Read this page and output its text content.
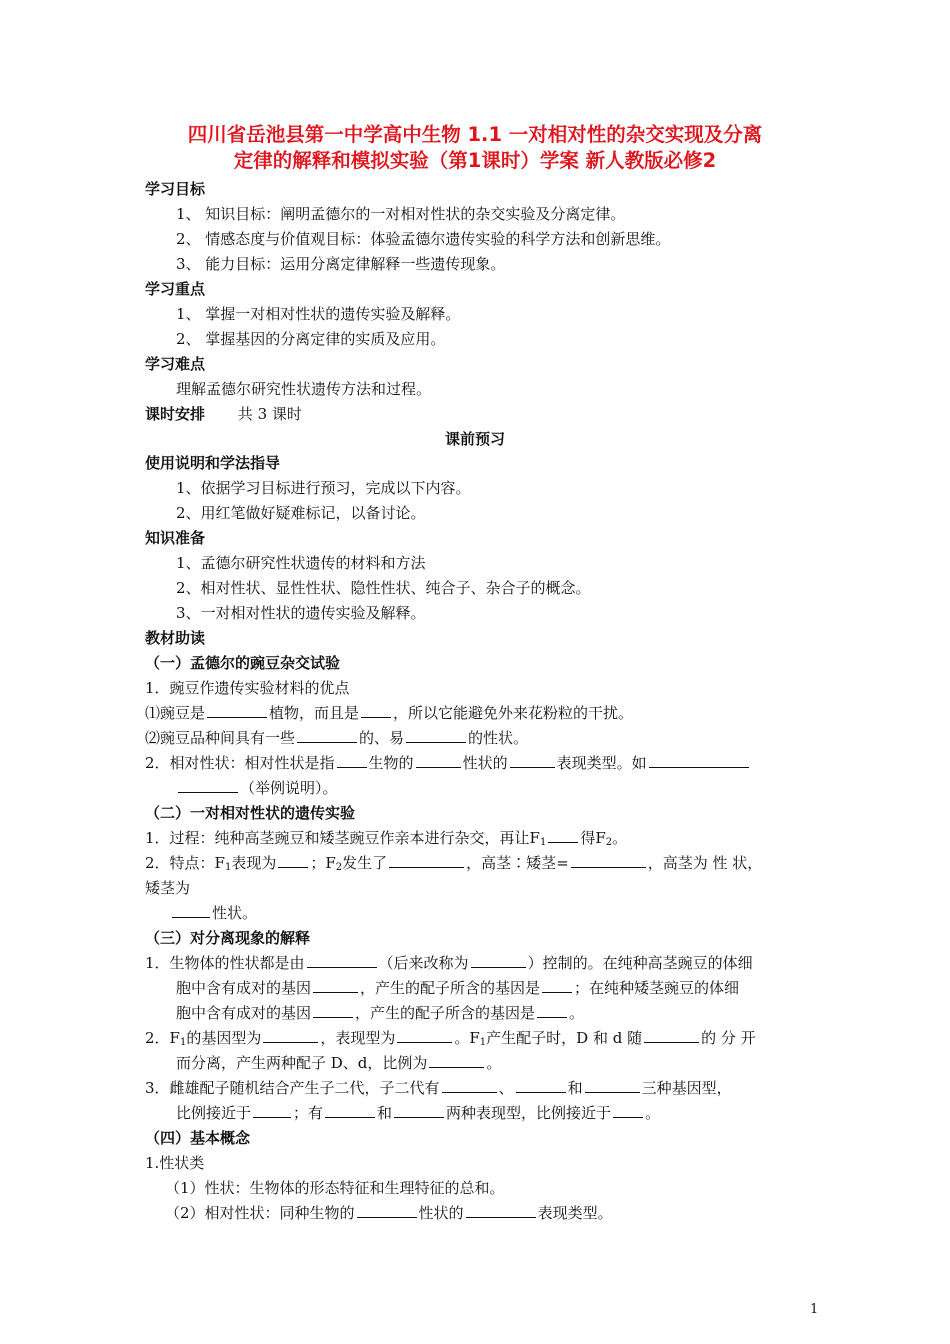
四川省岳池县第一中学高中生物 1.1 一对相对性的杂交实现及分离
定律的解释和模拟实验（第1课时）学案 新人教版必修2
学习目标
1、 知识目标：阐明孟德尔的一对相对性状的杂交实验及分离定律。
2、 情感态度与价值观目标：体验孟德尔遗传实验的科学方法和创新思维。
3、 能力目标：运用分离定律解释一些遗传现象。
学习重点
1、 掌握一对相对性状的遗传实验及解释。
2、 掌握基因的分离定律的实质及应用。
学习难点
理解孟德尔研究性状遗传方法和过程。
课时安排 共 3 课时
课前预习
使用说明和学法指导
1、依据学习目标进行预习，完成以下内容。
2、用红笔做好疑难标记，以备讨论。
知识准备
1、孟德尔研究性状遗传的材料和方法
2、相对性状、显性性状、隐性性状、纯合子、杂合子的概念。
3、一对相对性状的遗传实验及解释。
教材助读
（一）孟德尔的豌豆杂交试验
1．豌豆作遗传实验材料的优点
⑴豌豆是	植物，而且是 ，所以它能避免外来花粉粒的干扰。
⑵豌豆品种间具有一些	的、易	的性状。
2．相对性状：相对性状是指 生物的	性状的	表现类型。如
（举例说明）。
（二）一对相对性状的遗传实验
1．过程：纯种高茎豌豆和矮茎豌豆作亲本进行杂交，再让$F_1$ 得$F_2$。
2．特点：$F_1$表现为 ；$F_2$发生了	，高茎∶矮茎=	，高茎为 性 状，
矮茎为
性状。
（三）对分离现象的解释
1．生物体的性状都是由	（后来改称为	）控制的。在纯种高茎豌豆的体细
胞中含有成对的基因	，产生的配子所含的基因是 ；在纯种矮茎豌豆的体细
胞中含有成对的基因	，产生的配子所含的基因是 。
2．$F_1$的基因型为	，表现型为	。$F_1$产生配子时，D 和 d 随	的 分 开
而分离，产生两种配子 D、d，比例为	。
3．雌雄配子随机结合产生子二代，子二代有	、	和	三种基因型，
比例接近于	；有	和	两种表现型，比例接近于 。
（四）基本概念
1.性状类
（1）性状：生物体的形态特征和生理特征的总和。
（2）相对性状：同种生物的	性状的	表现类型。
1
